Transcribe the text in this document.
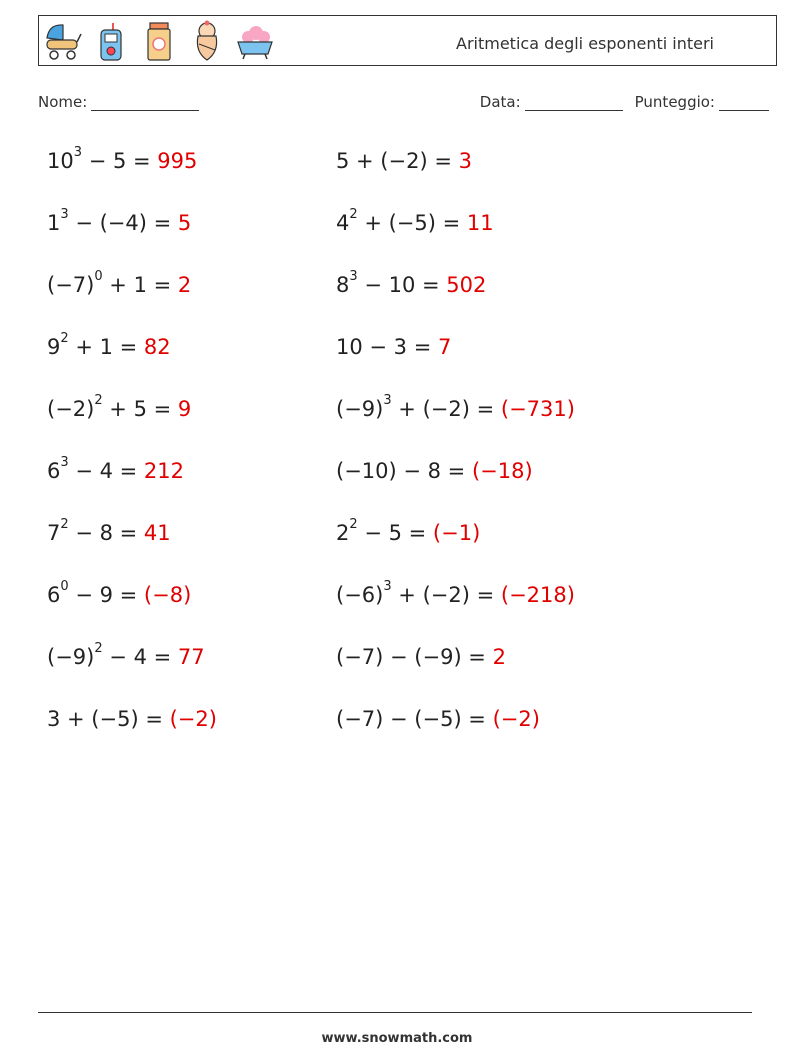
Aritmetica degli esponenti interi
Nome:	Data:	Punteggio:
$10^3 - 5 = 995$
$1^3 - (-4) = 5$
$(-7)^0 + 1 = 2$
$9^2 + 1 = 82$
$(-2)^2 + 5 = 9$
$6^3 - 4 = 212$
$7^2 - 8 = 41$
$6^0 - 9 = (-8)$
$(-9)^2 - 4 = 77$
3 + (−5) = (−2)
5 + (−2) = 3
$4^2 + (-5) = 11$
$8^3 - 10 = 502$
10 − 3 = 7
$(-9)^3 + (-2) = (-731)$
(−10) − 8 = (−18)
$2^2 - 5 = (-1)$
$(-6)^3 + (-2) = (-218)$
(−7) − (−9) = 2
(−7) − (−5) = (−2)
www.snowmath.com
